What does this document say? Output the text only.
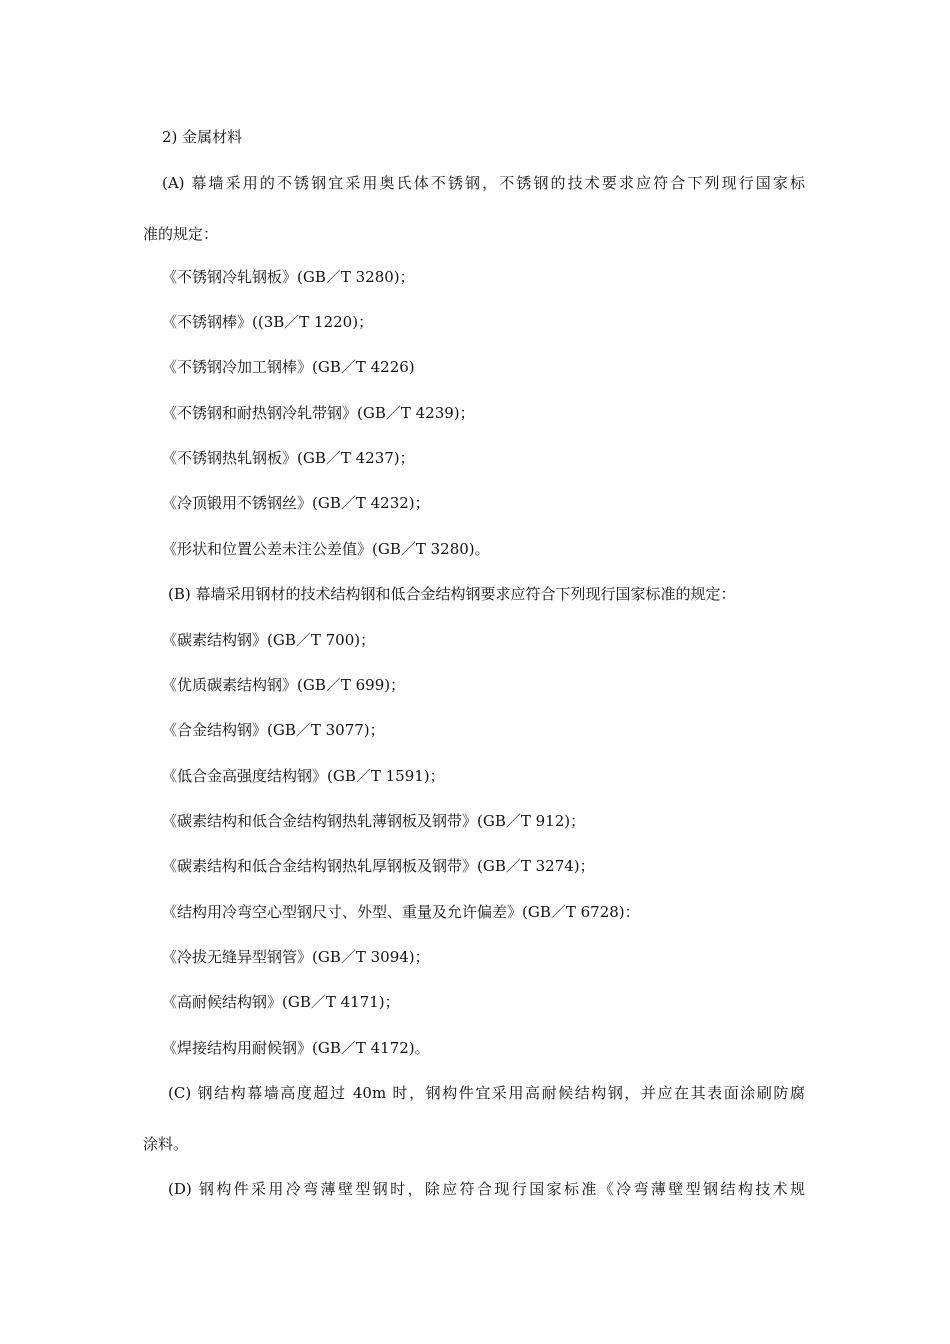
2) 金属材料
(A) 幕墙采用的不锈钢宜采用奥氏体不锈钢，不锈钢的技术要求应符合下列现行国家标
准的规定：
《不锈钢冷轧钢板》(GB／T 3280)；
《不锈钢棒》((3B／T 1220)；
《不锈钢冷加工钢棒》(GB／T 4226)
《不锈钢和耐热钢冷轧带钢》(GB／T 4239)；
《不锈钢热轧钢板》(GB／T 4237)；
《冷顶锻用不锈钢丝》(GB／T 4232)；
《形状和位置公差未注公差值》(GB／T 3280)。
(B) 幕墙采用钢材的技术结构钢和低合金结构钢要求应符合下列现行国家标准的规定：
《碳素结构钢》(GB／T 700)；
《优质碳素结构钢》(GB／T 699)；
《合金结构钢》(GB／T 3077)；
《低合金高强度结构钢》(GB／T 1591)；
《碳素结构和低合金结构钢热轧薄钢板及钢带》(GB／T 912)；
《碳素结构和低合金结构钢热轧厚钢板及钢带》(GB／T 3274)；
《结构用冷弯空心型钢尺寸、外型、重量及允许偏差》(GB／T 6728)：
《冷拔无缝异型钢管》(GB／T 3094)；
《高耐候结构钢》(GB／T 4171)；
《焊接结构用耐候钢》(GB／T 4172)。
(C) 钢结构幕墙高度超过 40m 时，钢构件宜采用高耐候结构钢，并应在其表面涂刷防腐
涂料。
(D) 钢构件采用冷弯薄壁型钢时，除应符合现行国家标准《冷弯薄壁型钢结构技术规
